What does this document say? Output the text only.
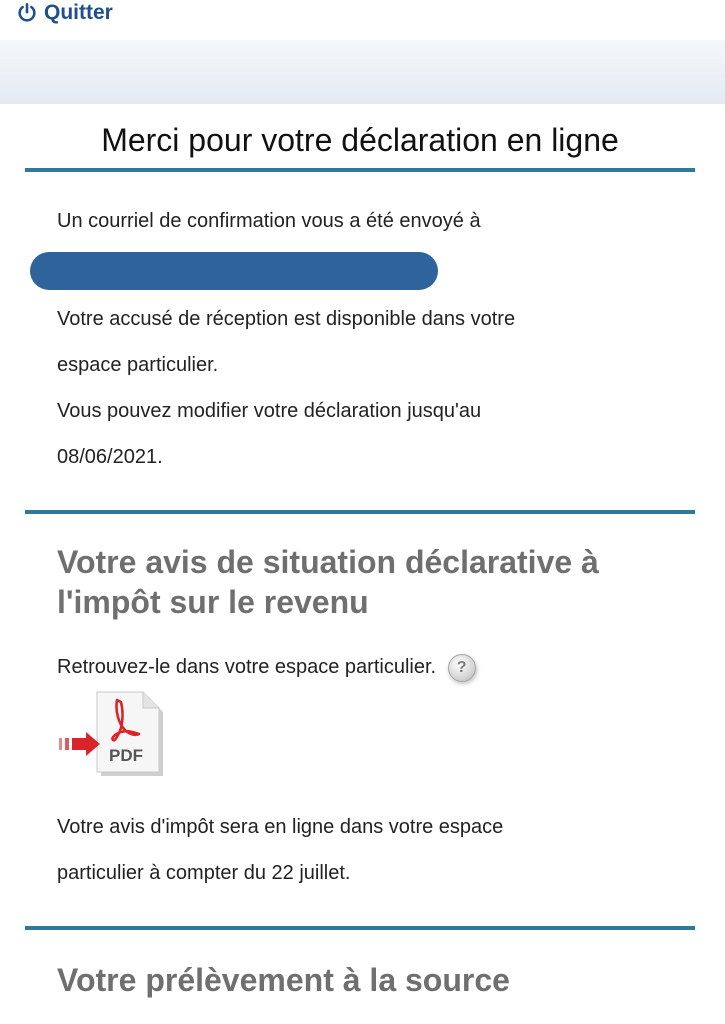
Quitter
Merci pour votre déclaration en ligne

Un courriel de confirmation vous a été envoyé à

Votre accusé de réception est disponible dans votre

espace particulier.

Vous pouvez modifier votre déclaration jusqu'au

08/06/2021.

Votre avis de situation déclarative à
l'impôt sur le revenu

Retrouvez-le dans votre espace particulier. ?

PDF

Votre avis d'impôt sera en ligne dans votre espace

particulier à compter du 22 juillet.

Votre prélèvement à la source
